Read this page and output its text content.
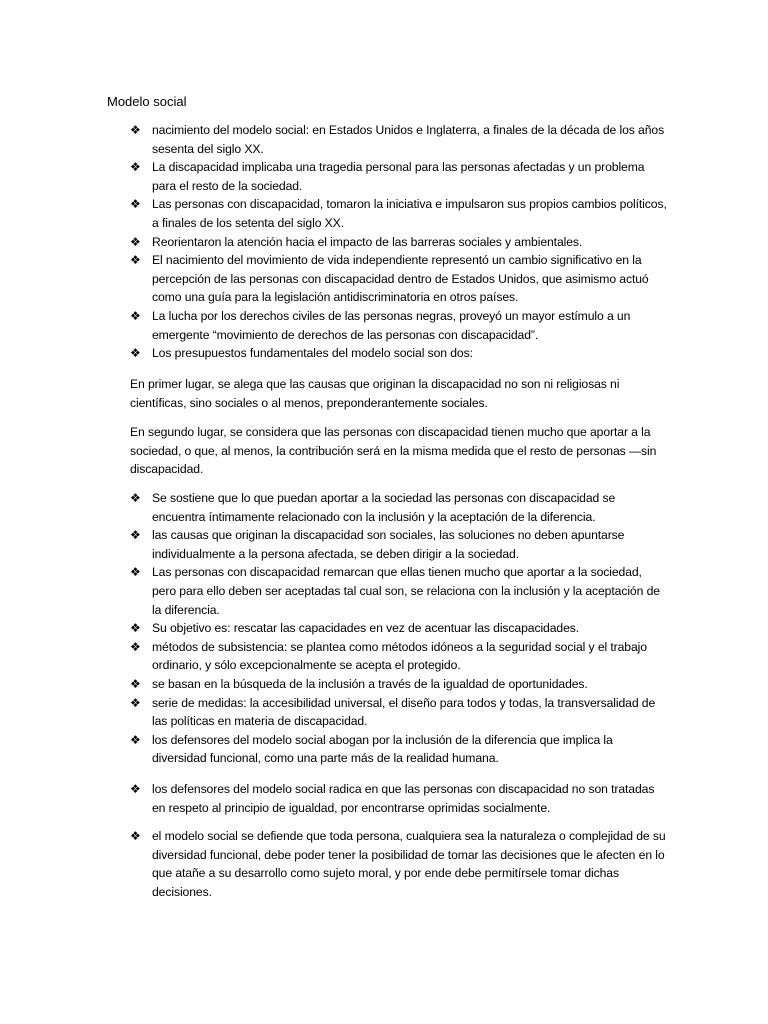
Modelo social
❖ nacimiento del modelo social: en Estados Unidos e Inglaterra, a finales de la década de los años sesenta del siglo XX.
❖ La discapacidad implicaba una tragedia personal para las personas afectadas y un problema para el resto de la sociedad.
❖ Las personas con discapacidad, tomaron la iniciativa e impulsaron sus propios cambios políticos, a finales de los setenta del siglo XX.
❖ Reorientaron la atención hacia el impacto de las barreras sociales y ambientales.
❖ El nacimiento del movimiento de vida independiente representó un cambio significativo en la percepción de las personas con discapacidad dentro de Estados Unidos, que asimismo actuó como una guía para la legislación antidiscriminatoria en otros países.
❖ La lucha por los derechos civiles de las personas negras, proveyó un mayor estímulo a un emergente “movimiento de derechos de las personas con discapacidad”.
❖ Los presupuestos fundamentales del modelo social son dos:

En primer lugar, se alega que las causas que originan la discapacidad no son ni religiosas ni científicas, sino sociales o al menos, preponderantemente sociales.

En segundo lugar, se considera que las personas con discapacidad tienen mucho que aportar a la sociedad, o que, al menos, la contribución será en la misma medida que el resto de personas —sin discapacidad.

❖ Se sostiene que lo que puedan aportar a la sociedad las personas con discapacidad se encuentra íntimamente relacionado con la inclusión y la aceptación de la diferencia.
❖ las causas que originan la discapacidad son sociales, las soluciones no deben apuntarse individualmente a la persona afectada, se deben dirigir a la sociedad.
❖ Las personas con discapacidad remarcan que ellas tienen mucho que aportar a la sociedad, pero para ello deben ser aceptadas tal cual son, se relaciona con la inclusión y la aceptación de la diferencia.
❖ Su objetivo es: rescatar las capacidades en vez de acentuar las discapacidades.
❖ métodos de subsistencia: se plantea como métodos idóneos a la seguridad social y el trabajo ordinario, y sólo excepcionalmente se acepta el protegido.
❖ se basan en la búsqueda de la inclusión a través de la igualdad de oportunidades.
❖ serie de medidas: la accesibilidad universal, el diseño para todos y todas, la transversalidad de las políticas en materia de discapacidad.
❖ los defensores del modelo social abogan por la inclusión de la diferencia que implica la diversidad funcional, como una parte más de la realidad humana.
❖ los defensores del modelo social radica en que las personas con discapacidad no son tratadas en respeto al principio de igualdad, por encontrarse oprimidas socialmente.
❖ el modelo social se defiende que toda persona, cualquiera sea la naturaleza o complejidad de su diversidad funcional, debe poder tener la posibilidad de tomar las decisiones que le afecten en lo que atañe a su desarrollo como sujeto moral, y por ende debe permitírsele tomar dichas decisiones.
